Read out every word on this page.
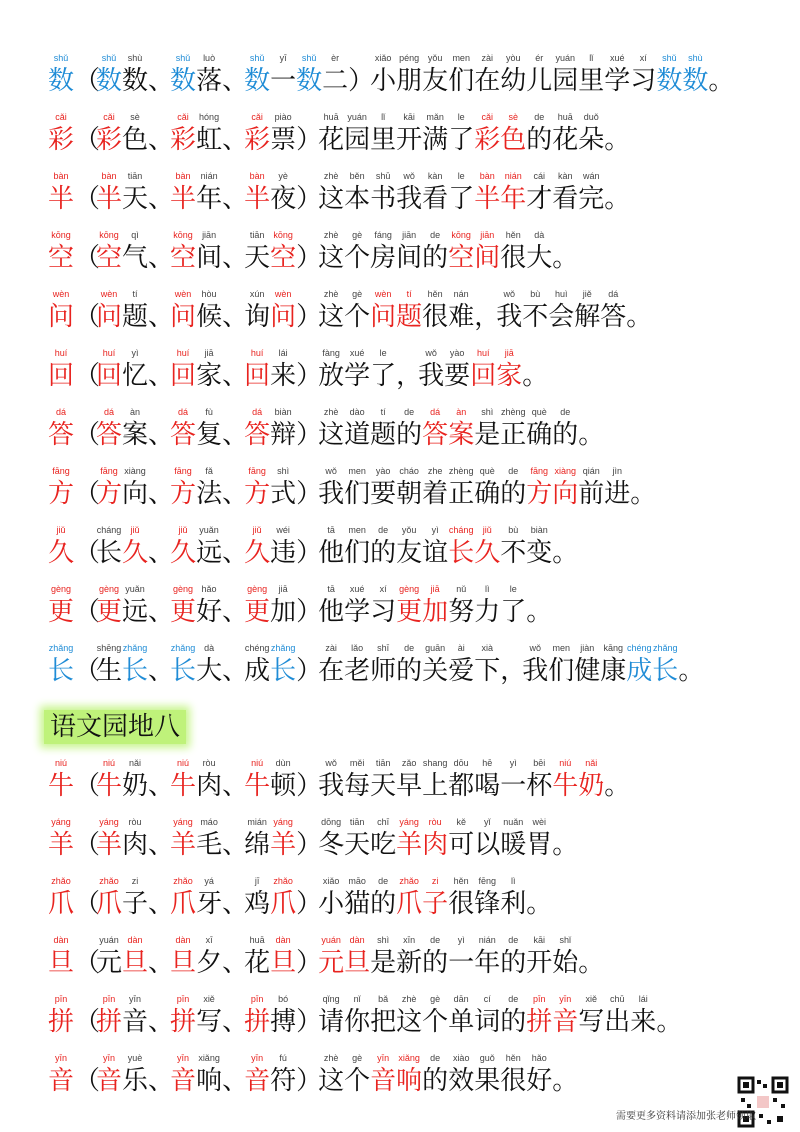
shǔ
数 （
shǔ
数
shù
数 、
shǔ
数
luò
落 、
shǔ
数
yī
一
shǔ
数
èr
二 ）
xiǎo
小
péng
朋
yǒu
友
men
们
zài
在
yòu
幼
ér
儿
yuán
园
lǐ
里
xué
学
xí
习
shǔ
数
shù
数 。
cǎi
彩 （
cǎi
彩
sè
色 、
cǎi
彩
hóng
虹 、
cǎi
彩
piào
票 ）
huā
花
yuán
园
lǐ
里
kāi
开
mǎn
满
le
了
cǎi
彩
sè
色
de
的
huā
花
duǒ
朵 。
bàn
半 （
bàn
半
tiān
天 、
bàn
半
nián
年 、
bàn
半
yè
夜 ）
zhè
这
běn
本
shū
书
wǒ
我
kàn
看
le
了
bàn
半
nián
年
cái
才
kàn
看
wán
完 。
kōng
空 （
kōng
空
qì
气 、
kōng
空
jiān
间 、
tiān
天
kōng
空 ）
zhè
这
gè
个
fáng
房
jiān
间
de
的
kōng
空
jiān
间
hěn
很
dà
大 。
wèn
问 （
wèn
问
tí
题 、
wèn
问
hòu
候 、
xún
询
wèn
问 ）
zhè
这
gè
个
wèn
问
tí
题
hěn
很
nán
难 ，
wǒ
我
bù
不
huì
会
jiě
解
dá
答 。
huí
回 （
huí
回
yì
忆 、
huí
回
jiā
家 、
huí
回
lái
来 ）
fàng
放
xué
学
le
了 ，
wǒ
我
yào
要
huí
回
jiā
家 。
dá
答 （
dá
答
àn
案 、
dá
答
fù
复 、
dá
答
biàn
辩 ）
zhè
这
dào
道
tí
题
de
的
dá
答
àn
案
shì
是
zhèng
正
què
确
de
的 。
fāng
方 （
fāng
方
xiàng
向 、
fāng
方
fǎ
法 、
fāng
方
shì
式 ）
wǒ
我
men
们
yào
要
cháo
朝
zhe
着
zhèng
正
què
确
de
的
fāng
方
xiàng
向
qián
前
jìn
进 。
jiǔ
久 （
cháng
长
jiǔ
久 、
jiǔ
久
yuǎn
远 、
jiǔ
久
wéi
违 ）
tā
他
men
们
de
的
yǒu
友
yì
谊
cháng
长
jiǔ
久
bù
不
biàn
变 。
gèng
更 （
gèng
更
yuǎn
远 、
gèng
更
hǎo
好 、
gèng
更
jiā
加 ）
tā
他
xué
学
xí
习
gèng
更
jiā
加
nǔ
努
lì
力
le
了 。
zhǎng
长 （
shēng
生
zhǎng
长 、
zhǎng
长
dà
大 、
chéng
成
zhǎng
长 ）
zài
在
lǎo
老
shī
师
de
的
guān
关
ài
爱
xià
下 ，
wǒ
我
men
们
jiàn
健
kāng
康
chéng
成
zhǎng
长 。
niú
牛 （
niú
牛
nǎi
奶 、
niú
牛
ròu
肉 、
niú
牛
dùn
顿 ）
wǒ
我
měi
每
tiān
天
zǎo
早
shang
上
dōu
都
hē
喝
yì
一
bēi
杯
niú
牛
nǎi
奶 。
yáng
羊 （
yáng
羊
ròu
肉 、
yáng
羊
máo
毛 、
mián
绵
yáng
羊 ）
dōng
冬
tiān
天
chī
吃
yáng
羊
ròu
肉
kě
可
yǐ
以
nuǎn
暖
wèi
胃 。
zhǎo
爪 （
zhǎo
爪
zi
子 、
zhǎo
爪
yá
牙 、
jī
鸡
zhǎo
爪 ）
xiǎo
小
māo
猫
de
的
zhǎo
爪
zi
子
hěn
很
fēng
锋
lì
利 。
dàn
旦 （
yuán
元
dàn
旦 、
dàn
旦
xī
夕 、
huā
花
dàn
旦 ）
yuán
元
dàn
旦
shì
是
xīn
新
de
的
yì
一
nián
年
de
的
kāi
开
shǐ
始 。
pīn
拼 （
pīn
拼
yīn
音 、
pīn
拼
xiě
写 、
pīn
拼
bó
搏 ）
qǐng
请
nǐ
你
bǎ
把
zhè
这
gè
个
dān
单
cí
词
de
的
pīn
拼
yīn
音
xiě
写
chū
出
lái
来 。
yīn
音 （
yīn
音
yuè
乐 、
yīn
音
xiǎng
响 、
yīn
音
fú
符 ）
zhè
这
gè
个
yīn
音
xiǎng
响
de
的
xiào
效
guǒ
果
hěn
很
hǎo
好 。
语文园地八
需要更多资料请添加张老师领取
